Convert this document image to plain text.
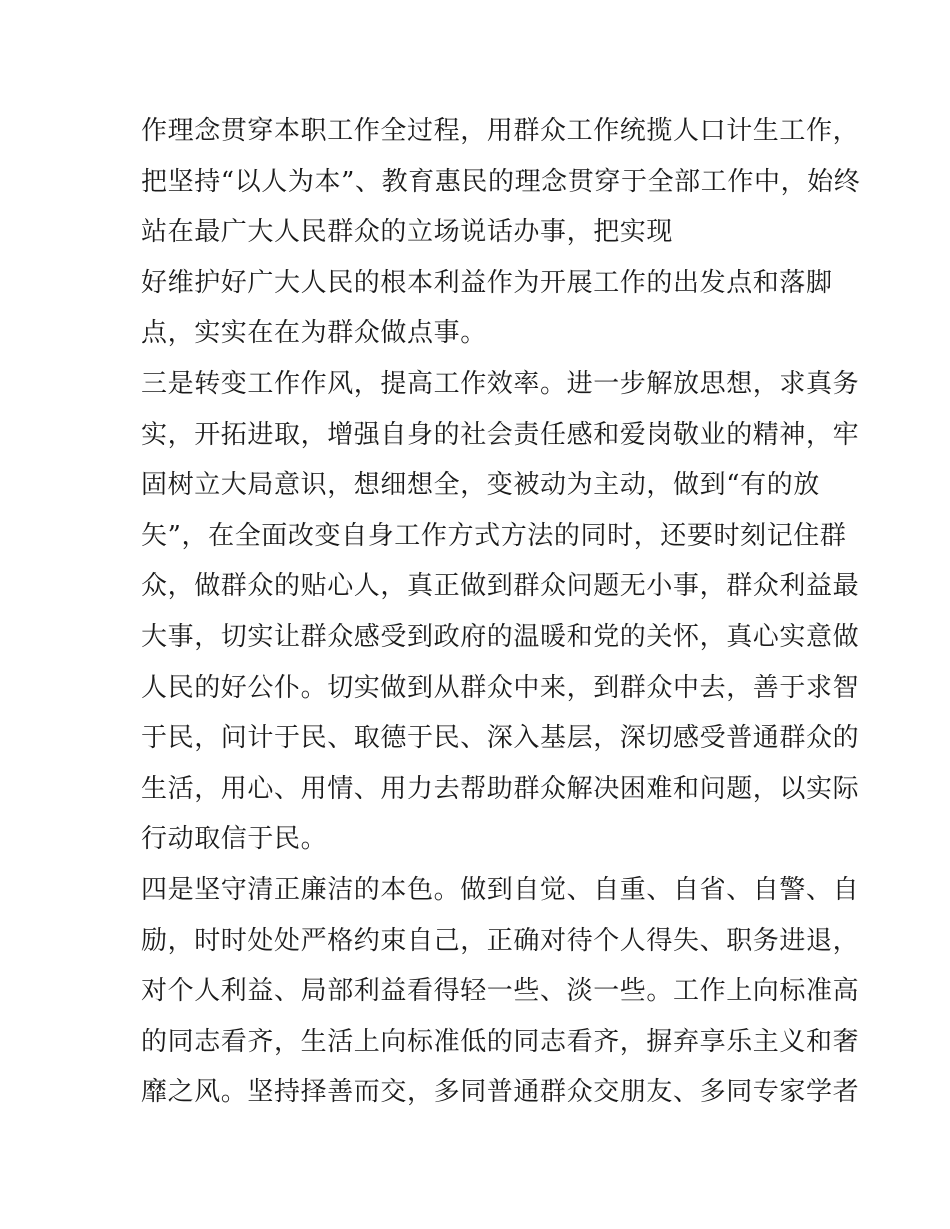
作理念贯穿本职工作全过程，用群众工作统揽人口计生工作，
把坚持“以人为本”、教育惠民的理念贯穿于全部工作中，始终
站在最广大人民群众的立场说话办事，把实现
好维护好广大人民的根本利益作为开展工作的出发点和落脚
点，实实在在为群众做点事。
三是转变工作作风，提高工作效率。进一步解放思想，求真务
实，开拓进取，增强自身的社会责任感和爱岗敬业的精神，牢
固树立大局意识，想细想全，变被动为主动，做到“有的放
矢”，在全面改变自身工作方式方法的同时，还要时刻记住群
众，做群众的贴心人，真正做到群众问题无小事，群众利益最
大事，切实让群众感受到政府的温暖和党的关怀，真心实意做
人民的好公仆。切实做到从群众中来，到群众中去，善于求智
于民，问计于民、取德于民、深入基层，深切感受普通群众的
生活，用心、用情、用力去帮助群众解决困难和问题，以实际
行动取信于民。
四是坚守清正廉洁的本色。做到自觉、自重、自省、自警、自
励，时时处处严格约束自己，正确对待个人得失、职务进退，
对个人利益、局部利益看得轻一些、淡一些。工作上向标准高
的同志看齐，生活上向标准低的同志看齐，摒弃享乐主义和奢
靡之风。坚持择善而交，多同普通群众交朋友、多同专家学者
